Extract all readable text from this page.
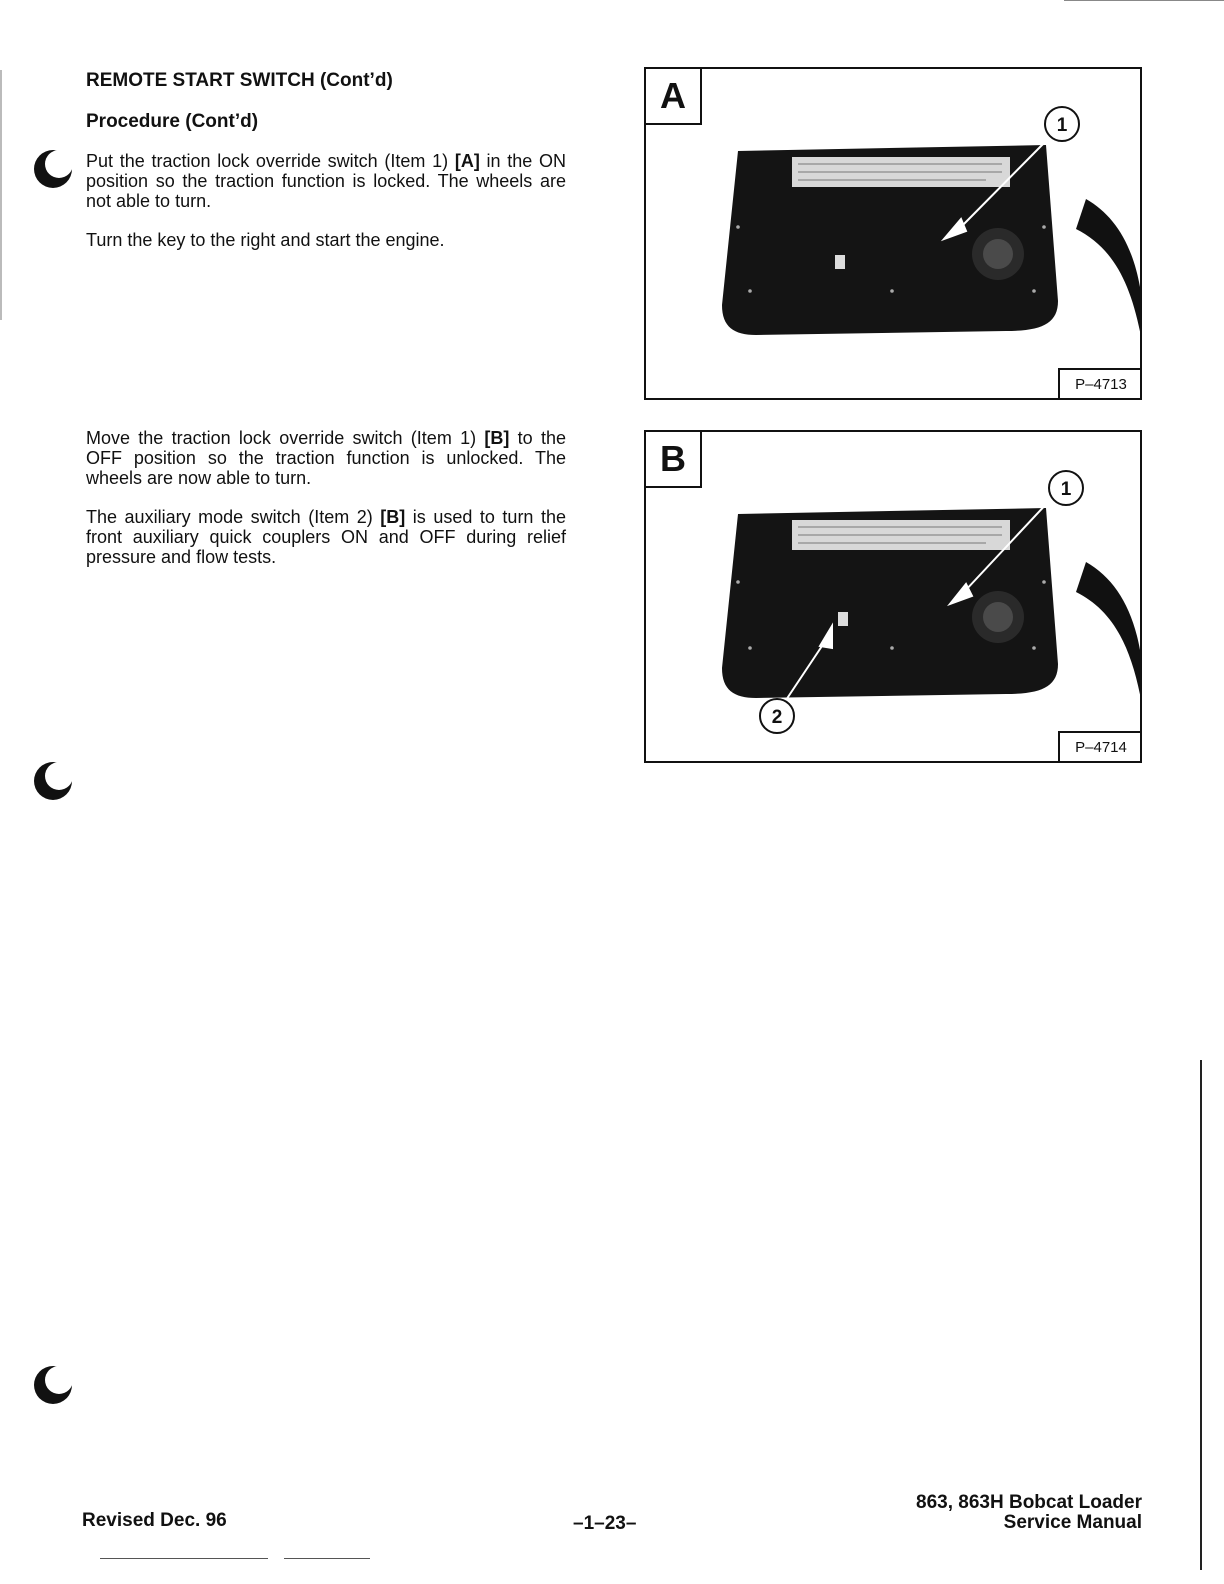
REMOTE START SWITCH (Cont’d)
Procedure (Cont’d)

Put the traction lock override switch (Item 1) [A] in the ON position so the traction function is locked. The wheels are not able to turn.

Turn the key to the right and start the engine.

Move the traction lock override switch (Item 1) [B] to the OFF position so the traction function is unlocked. The wheels are now able to turn.

The auxiliary mode switch (Item 2) [B] is used to turn the front auxiliary quick couplers ON and OFF during relief pressure and flow tests.

1
A
P–4713
1
2
B
P–4714
Revised Dec. 96	–1–23–
863, 863H Bobcat Loader
Service Manual
